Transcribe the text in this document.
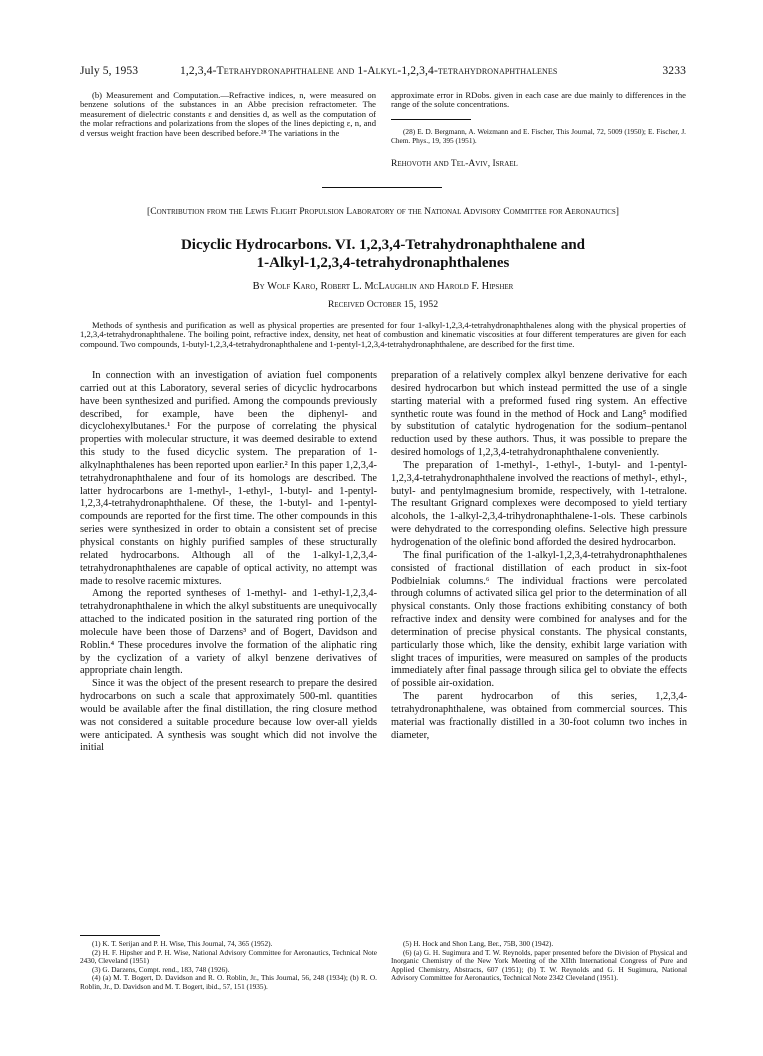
July 5, 1953	1,2,3,4-Tetrahydronaphthalene and 1-Alkyl-1,2,3,4-tetrahydronaphthalenes	3233

(b) Measurement and Computation.—Refractive indices, n, were measured on benzene solutions of the substances in an Abbe precision refractometer. The measurement of dielectric constants ε and densities d, as well as the computation of the molar refractions and polarizations from the slopes of the lines depicting ε, n, and d versus weight fraction have been described before.²⁸ The variations in the

approximate error in RDobs. given in each case are due mainly to differences in the range of the solute concentrations.

(28) E. D. Bergmann, A. Weizmann and E. Fischer, This Journal, 72, 5009 (1950); E. Fischer, J. Chem. Phys., 19, 395 (1951).

Rehovoth and Tel-Aviv, Israel
[Contribution from the Lewis Flight Propulsion Laboratory of the National Advisory Committee for Aeronautics]
Dicyclic Hydrocarbons. VI. 1,2,3,4-Tetrahydronaphthalene and
1-Alkyl-1,2,3,4-tetrahydronaphthalenes
By Wolf Karo, Robert L. McLaughlin and Harold F. Hipsher
Received October 15, 1952

Methods of synthesis and purification as well as physical properties are presented for four 1-alkyl-1,2,3,4-tetrahydronaphthalenes along with the physical properties of 1,2,3,4-tetrahydronaphthalene. The boiling point, refractive index, density, net heat of combustion and kinematic viscosities at four different temperatures are given for each compound. Two compounds, 1-butyl-1,2,3,4-tetrahydronaphthalene and 1-pentyl-1,2,3,4-tetrahydronaphthalene, are described for the first time.

In connection with an investigation of aviation fuel components carried out at this Laboratory, several series of dicyclic hydrocarbons have been synthesized and purified. Among the compounds previously described, for example, have been the diphenyl- and dicyclohexylbutanes.¹ For the purpose of correlating the physical properties with molecular structure, it was deemed desirable to extend this study to the fused dicyclic system. The preparation of 1-alkylnaphthalenes has been reported upon earlier.² In this paper 1,2,3,4-tetrahydronaphthalene and four of its homologs are described. The latter hydrocarbons are 1-methyl-, 1-ethyl-, 1-butyl- and 1-pentyl-1,2,3,4-tetrahydronaphthalene. Of these, the 1-butyl- and 1-pentyl- compounds are reported for the first time. The other compounds in this series were synthesized in order to obtain a consistent set of precise physical constants on highly purified samples of these structurally related hydrocarbons. Although all of the 1-alkyl-1,2,3,4-tetrahydronaphthalenes are capable of optical activity, no attempt was made to resolve racemic mixtures.

Among the reported syntheses of 1-methyl- and 1-ethyl-1,2,3,4-tetrahydronaphthalene in which the alkyl substituents are unequivocally attached to the indicated position in the saturated ring portion of the molecule have been those of Darzens³ and of Bogert, Davidson and Roblin.⁴ These procedures involve the formation of the aliphatic ring by the cyclization of a variety of alkyl benzene derivatives of appropriate chain length.

Since it was the object of the present research to prepare the desired hydrocarbons on such a scale that approximately 500-ml. quantities would be available after the final distillation, the ring closure method was not considered a suitable procedure because low over-all yields were anticipated. A synthesis was sought which did not involve the initial

preparation of a relatively complex alkyl benzene derivative for each desired hydrocarbon but which instead permitted the use of a single starting material with a preformed fused ring system. An effective synthetic route was found in the method of Hock and Lang⁵ modified by substitution of catalytic hydrogenation for the sodium–pentanol reduction used by these authors. Thus, it was possible to prepare the desired homologs of 1,2,3,4-tetrahydronaphthalene conveniently.

The preparation of 1-methyl-, 1-ethyl-, 1-butyl- and 1-pentyl-1,2,3,4-tetrahydronaphthalene involved the reactions of methyl-, ethyl-, butyl- and pentylmagnesium bromide, respectively, with 1-tetralone. The resultant Grignard complexes were decomposed to yield tertiary alcohols, the 1-alkyl-2,3,4-trihydronaphthalene-1-ols. These carbinols were dehydrated to the corresponding olefins. Selective high pressure hydrogenation of the olefinic bond afforded the desired hydrocarbon.

The final purification of the 1-alkyl-1,2,3,4-tetrahydronaphthalenes consisted of fractional distillation of each product in six-foot Podbielniak columns.⁶ The individual fractions were percolated through columns of activated silica gel prior to the determination of all physical constants. Only those fractions exhibiting constancy of both refractive index and density were combined for analyses and for the determination of precise physical constants. The physical constants, particularly those which, like the density, exhibit large variation with slight traces of impurities, were measured on samples of the products immediately after final passage through silica gel to obviate the effects of possible air-oxidation.

The parent hydrocarbon of this series, 1,2,3,4-tetrahydronaphthalene, was obtained from commercial sources. This material was fractionally distilled in a 30-foot column two inches in diameter,

(1) K. T. Serijan and P. H. Wise, This Journal, 74, 365 (1952).

(2) H. F. Hipsher and P. H. Wise, National Advisory Committee for Aeronautics, Technical Note 2430, Cleveland (1951)

(3) G. Darzens, Compt. rend., 183, 748 (1926).

(4) (a) M. T. Bogert, D. Davidson and R. O. Roblin, Jr., This Journal, 56, 248 (1934); (b) R. O. Roblin, Jr., D. Davidson and M. T. Bogert, ibid., 57, 151 (1935).

(5) H. Hock and Shon Lang, Ber., 75B, 300 (1942).

(6) (a) G. H. Sugimura and T. W. Reynolds, paper presented before the Division of Physical and Inorganic Chemistry of the New York Meeting of the XIIth International Congress of Pure and Applied Chemistry, Abstracts, 607 (1951); (b) T. W. Reynolds and G. H Sugimura, National Advisory Committee for Aeronautics, Technical Note 2342 Cleveland (1951).
